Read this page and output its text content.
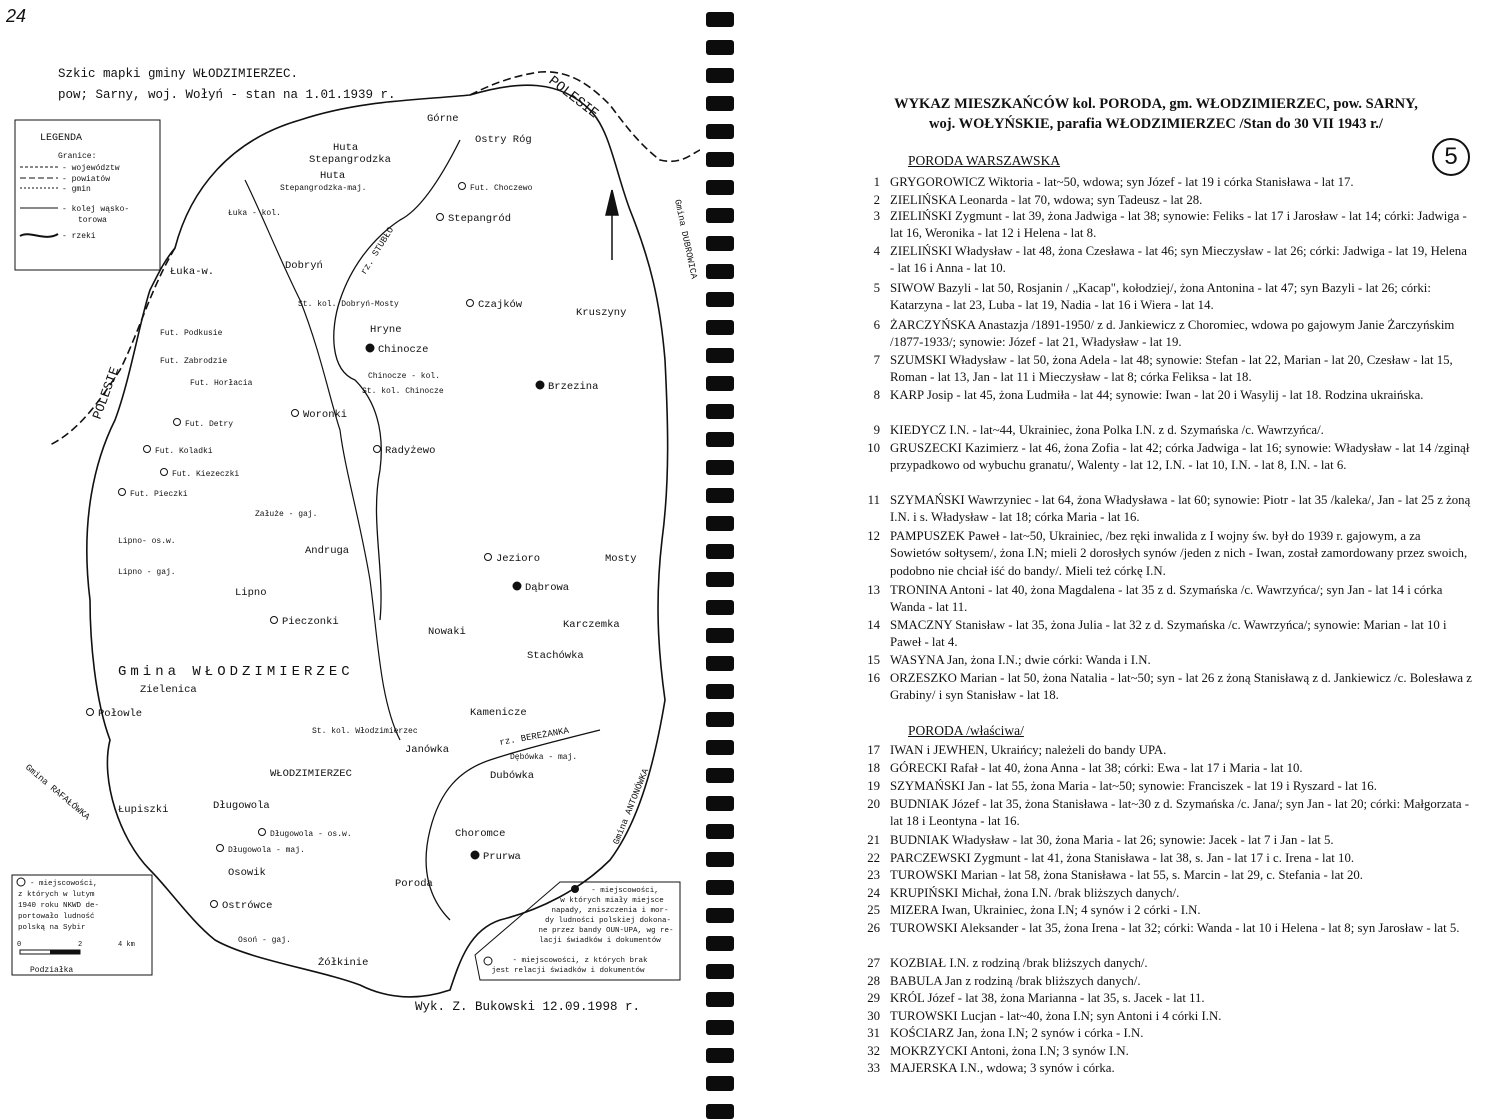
24
LEGENDA
Granice:
- województw
- powiatów
- gmin
- kolej wąsko-
torowa
- rzeki
Szkic mapki gminy WŁODZIMIERZEC.
pow; Sarny, woj. Wołyń - stan na 1.01.1939 r.
Gmina WŁODZIMIERZEC
POLESIE
POLESIE
rz. STUBŁO
rz. BEREŻANKA
Gmina DUBROWICA
Gmina ANTONÓWKA
Gmina RAFAŁÓWKA
Górne
Huta
Stepangrodzka
Huta
Stepangrodzka-maj.
Ostry Róg
Fut. Choczewo
Łuka - kol.	Stepangród
Łuka-w.	Dobryń
St. kol. Dobryń-Mosty	Czajków
Kruszyny
Fut. Podkusie	Hryne
Chinocze
Fut. Zabrodzie
Chinocze - kol.
Fut. Horłacia
St. kol. Chinocze	Brzezina
Woronki
Fut. Detry
Fut. Koladki	Radyżewo
Fut. Kiezeczki
Fut. Pieczki
Załuże - gaj.
Lipno- os.w.
Andruga
Jezioro	Mosty
Lipno - gaj.
Dąbrowa
Lipno
Pieczonki
Nowaki
Karczemka
Stachówka
Zielenica
Połowle	Kamenicze
St. kol. Włodzimierzec
Janówka
Dębówka - maj.
WŁODZIMIERZEC	Dubówka
Łupiszki	Długowola
Długowola - os.w.
Długowola - maj.
Choromce
Prurwa
Osowik
Poroda
Ostrówce
Osoń - gaj.
Żółkinie
- miejscowości,
z których w lutym
1940 roku NKWD de-
portowało ludność
polską na Sybir
0	2	4 km
Podziałka
- miejscowości,
w których miały miejsce
napady, zniszczenia i mor-
dy ludności polskiej dokona-
ne przez bandy OUN-UPA, wg re-
lacji świadków i dokumentów
- miejscowości, z których brak
jest relacji świadków i dokumentów
Wyk. Z. Bukowski 12.09.1998 r.
WYKAZ MIESZKAŃCÓW kol. PORODA, gm. WŁODZIMIERZEC, pow. SARNY,
woj. WOŁYŃSKIE, parafia WŁODZIMIERZEC /Stan do 30 VII 1943 r./
5
PORODA WARSZAWSKA
PORODA /właściwa/
1 GRYGOROWICZ Wiktoria - lat~50, wdowa; syn Józef - lat 19 i córka Stanisława - lat 17.
2 ZIELIŃSKA Leonarda - lat 70, wdowa; syn Tadeusz - lat 28.
3 ZIELIŃSKI Zygmunt - lat 39, żona Jadwiga - lat 38; synowie: Feliks - lat 17 i Jarosław - lat 14; córki: Jadwiga - lat 16, Weronika - lat 12 i Helena - lat 8.
4 ZIELIŃSKI Władysław - lat 48, żona Czesława - lat 46; syn Mieczysław - lat 26; córki: Jadwiga - lat 19, Helena - lat 16 i Anna - lat 10.
5 SIWOW Bazyli - lat 50, Rosjanin / „Kacap", kołodziej/, żona Antonina - lat 47; syn Bazyli - lat 26; córki: Katarzyna - lat 23, Luba - lat 19, Nadia - lat 16 i Wiera - lat 14.
6 ŻARCZYŃSKA Anastazja /1891-1950/ z d. Jankiewicz z Choromiec, wdowa po gajowym Janie Żarczyńskim /1877-1933/; synowie: Józef - lat 21, Władysław - lat 19.
7 SZUMSKI Władysław - lat 50, żona Adela - lat 48; synowie: Stefan - lat 22, Marian - lat 20, Czesław - lat 15, Roman - lat 13, Jan - lat 11 i Mieczysław - lat 8; córka Feliksa - lat 18.
8 KARP Josip - lat 45, żona Ludmiła - lat 44; synowie: Iwan - lat 20 i Wasylij - lat 18. Rodzina ukraińska.
9 KIEDYCZ I.N. - lat~44, Ukrainiec, żona Polka I.N. z d. Szymańska /c. Wawrzyńca/.
10 GRUSZECKI Kazimierz - lat 46, żona Zofia - lat 42; córka Jadwiga - lat 16; synowie: Władysław - lat 14 /zginął przypadkowo od wybuchu granatu/, Walenty - lat 12, I.N. - lat 10, I.N. - lat 8, I.N. - lat 6.
11 SZYMAŃSKI Wawrzyniec - lat 64, żona Władysława - lat 60; synowie: Piotr - lat 35 /kaleka/, Jan - lat 25 z żoną I.N. i s. Władysław - lat 18; córka Maria - lat 16.
12 PAMPUSZEK Paweł - lat~50, Ukrainiec, /bez ręki inwalida z I wojny św. był do 1939 r. gajowym, a za Sowietów sołtysem/, żona I.N; mieli 2 dorosłych synów /jeden z nich - Iwan, został zamordowany przez swoich, podobno nie chciał iść do bandy/. Mieli też córkę I.N.
13 TRONINA Antoni - lat 40, żona Magdalena - lat 35 z d. Szymańska /c. Wawrzyńca/; syn Jan - lat 14 i córka Wanda - lat 11.
14 SMACZNY Stanisław - lat 35, żona Julia - lat 32 z d. Szymańska /c. Wawrzyńca/; synowie: Marian - lat 10 i Paweł - lat 4.
15 WASYNA Jan, żona I.N.; dwie córki: Wanda i I.N.
16 ORZESZKO Marian - lat 50, żona Natalia - lat~50; syn - lat 26 z żoną Stanisławą z d. Jankiewicz /c. Bolesława z Grabiny/ i syn Stanisław - lat 18.
17 IWAN i JEWHEN, Ukraińcy; należeli do bandy UPA.
18 GÓRECKI Rafał - lat 40, żona Anna - lat 38; córki: Ewa - lat 17 i Maria - lat 10.
19 SZYMAŃSKI Jan - lat 55, żona Maria - lat~50; synowie: Franciszek - lat 19 i Ryszard - lat 16.
20 BUDNIAK Józef - lat 35, żona Stanisława - lat~30 z d. Szymańska /c. Jana/; syn Jan - lat 20; córki: Małgorzata - lat 18 i Leontyna - lat 16.
21 BUDNIAK Władysław - lat 30, żona Maria - lat 26; synowie: Jacek - lat 7 i Jan - lat 5.
22 PARCZEWSKI Zygmunt - lat 41, żona Stanisława - lat 38, s. Jan - lat 17 i c. Irena - lat 10.
23 TUROWSKI Marian - lat 58, żona Stanisława - lat 55, s. Marcin - lat 29, c. Stefania - lat 20.
24 KRUPIŃSKI Michał, żona I.N. /brak bliższych danych/.
25 MIZERA Iwan, Ukrainiec, żona I.N; 4 synów i 2 córki - I.N.
26 TUROWSKI Aleksander - lat 35, żona Irena - lat 32; córki: Wanda - lat 10 i Helena - lat 8; syn Jarosław - lat 5.
27 KOZBIAŁ I.N. z rodziną /brak bliższych danych/.
28 BABULA Jan z rodziną /brak bliższych danych/.
29 KRÓL Józef - lat 38, żona Marianna - lat 35, s. Jacek - lat 11.
30 TUROWSKI Lucjan - lat~40, żona I.N; syn Antoni i 4 córki I.N.
31 KOŚCIARZ Jan, żona I.N; 2 synów i córka - I.N.
32 MOKRZYCKI Antoni, żona I.N; 3 synów I.N.
33 MAJERSKA I.N., wdowa; 3 synów i córka.
